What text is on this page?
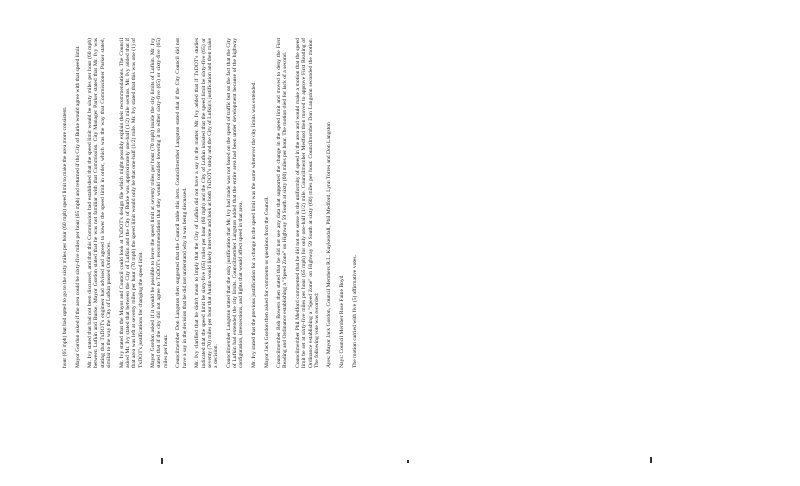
hour (65 mph) but had opted to go to the sixty miles per hour (60 mph) speed limit to make the area more consistent. Mayor Gordon asked if the area could be sixty-five miles per hour (65 mph) and returned if the City of Burke would agree with that speed limit. Mr. Ivy stated that had not been discussed, and that this Commission had established that the speed limit would be sixty miles per hour (60 mph) between Lufkin and Burke. Mayor Gordon stated that he was not familiar with that Commission. City Manager Parker stated that Mr. Ivy was stating that TxDOT's engineer had advised and agreed to lower the speed limit in order, which was the way that Commissioner Parker stated, similar to the way the City of Lufkin passed Ordinances. Mr. Ivy stated that the Mayor and Council could look at TxDOT's design file which might possibly explain their recommendations. The Council asked Mr. Ivy stated that between the City of Lufkin and the City of Burke was approximately one-half (1/2) mile section. Mr. Ivy added that if that area was left at seventy miles per hour (70 mph) the speed limit would only be that one-half (1/2) mile. Mr. Ivy stated that this was one (1) of TxDOT's justifications for changing the speed limit. Mayor Gordon asked if it would be possible to leave the speed limit at seventy miles per hour (70 mph) inside the city limits of Lufkin. Mr. Ivy stated that if the city did not agree to TxDOT's recommendation that they would consider lowering it to either sixty-five (65) or sixty-five (65) miles per hour. Councilmember Don Langston then suggested that the Council table this item. Councilmember Langston stated that if the City Council did not have a say in the decision that he did not understand why it was being discussed. Mr. Ivy clarified that he didn't mean to imply that the City of Lufkin did not have a say in the matter. Mr. Ivy added that if TxDOT's studies indicated that the speed limit be sixty-five (65) miles per hour (60 mph) and the City of Lufkin insisted that the speed limit be sixty-five (65) or seventy (70) miles per hour that Austin would likely intervene and look at both TxDOT's study and the City of Lufkin's justification and then make a decision. Councilmember Langston stated that the only justification that Mr. Ivy had made was not based on the speed of traffic but on the fact that the City of Lufkin had extended the city limits. Councilmember Langston added that the entire area had been under development because of the highway configuration, intersections, and lights that would affect speed in that area. Mr. Ivy stated that the previous justification for a change in the speed limit was the same whenever the city limits was extended. Mayor Jack Gordon then asked for comments or questions from the Council. Councilmember Bob Bowers then stated that he did not see any data that supported the change in the speed limit and moved to deny the First Reading and Ordinance establishing a "Speed Zone" on Highway 59 South at sixty (60) miles per hour. The motion died for lack of a second. Councilmember Phil Medford commented that he did not see sense in the uniformity of speed in the area and would make a motion that the speed limit be set at sixty-five miles per hour (65 mph) for only one-half (1/2) mile. Councilmember Medford then moved to approve First Reading of Ordinance establishing a "Speed Zone" on Highway 59 South at sixty (60) miles per hour. Councilmember Don Langston seconded the motion. The following vote was recorded: Ayes: Mayor Jack Gordon, Council Members R.L. Kuykendall, Phil Medford, Lynn Torres and Don Langston Nays: Council Member Rose Faine Boyd The motion carried with five (5) affirmative votes.
